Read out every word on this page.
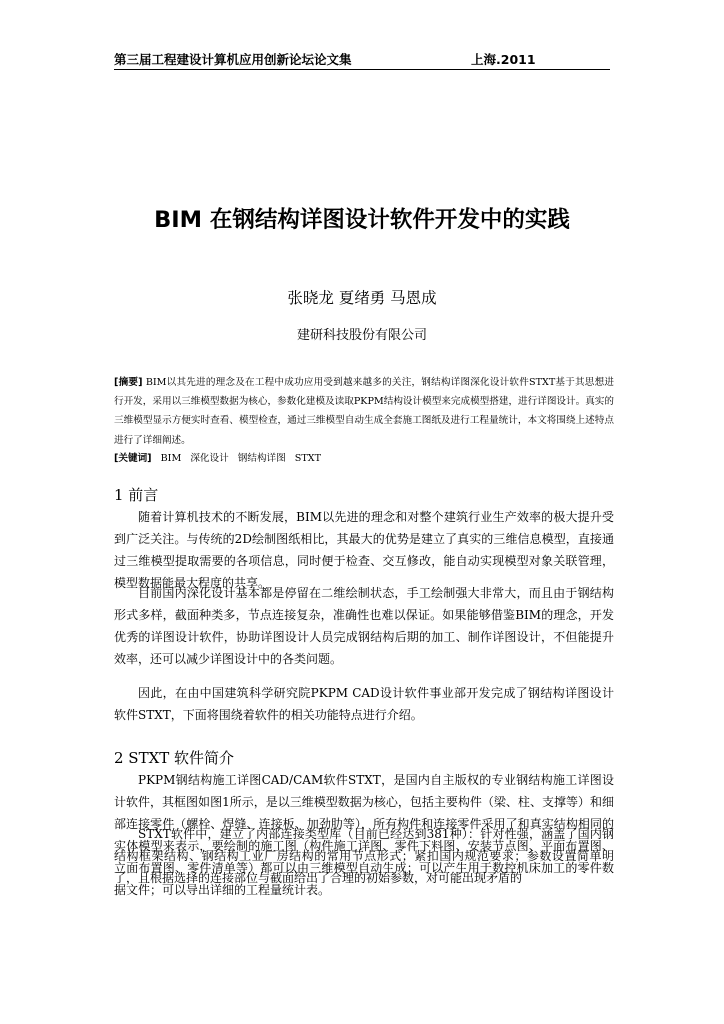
第三届工程建设计算机应用创新论坛论文集	上海.2011
BIM 在钢结构详图设计软件开发中的实践
张晓龙 夏绪勇 马恩成
建研科技股份有限公司
[摘要] BIM以其先进的理念及在工程中成功应用受到越来越多的关注，钢结构详图深化设计软件STXT基于其思想进行开发，采用以三维模型数据为核心，参数化建模及读取PKPM结构设计模型来完成模型搭建，进行详图设计。真实的三维模型显示方便实时查看、模型检查，通过三维模型自动生成全套施工图纸及进行工程量统计，本文将围绕上述特点进行了详细阐述。
[关键词] BIM 深化设计 钢结构详图 STXT
1 前言
随着计算机技术的不断发展，BIM以先进的理念和对整个建筑行业生产效率的极大提升受到广泛关注。与传统的2D绘制图纸相比，其最大的优势是建立了真实的三维信息模型，直接通过三维模型提取需要的各项信息，同时便于检查、交互修改，能自动实现模型对象关联管理，模型数据能最大程度的共享。
目前国内深化设计基本都是停留在二维绘制状态，手工绘制强大非常大，而且由于钢结构形式多样，截面种类多，节点连接复杂，准确性也难以保证。如果能够借鉴BIM的理念，开发优秀的详图设计软件，协助详图设计人员完成钢结构后期的加工、制作详图设计，不但能提升效率，还可以减少详图设计中的各类问题。
因此，在由中国建筑科学研究院PKPM CAD设计软件事业部开发完成了钢结构详图设计软件STXT，下面将围绕着软件的相关功能特点进行介绍。
2 STXT 软件简介
PKPM钢结构施工详图CAD/CAM软件STXT，是国内自主版权的专业钢结构施工详图设计软件，其框图如图1所示，是以三维模型数据为核心，包括主要构件（梁、柱、支撑等）和细部连接零件（螺栓、焊缝、连接板、加劲肋等），所有构件和连接零件采用了和真实结构相同的实体模型来表示，要绘制的施工图（构件施工详图、零件下料图、安装节点图、平面布置图、立面布置图、零件清单等）都可以由三维模型自动生成；可以产生用于数控机床加工的零件数据文件；可以导出详细的工程量统计表。
STXT软件中，建立了内部连接类型库（目前已经达到381种）：针对性强，涵盖了国内钢结构框架结构、钢结构工业厂房结构的常用节点形式；紧扣国内规范要求；参数设置简单明了，且根据选择的连接部位与截面给出了合理的初始参数，对可能出现矛盾的
